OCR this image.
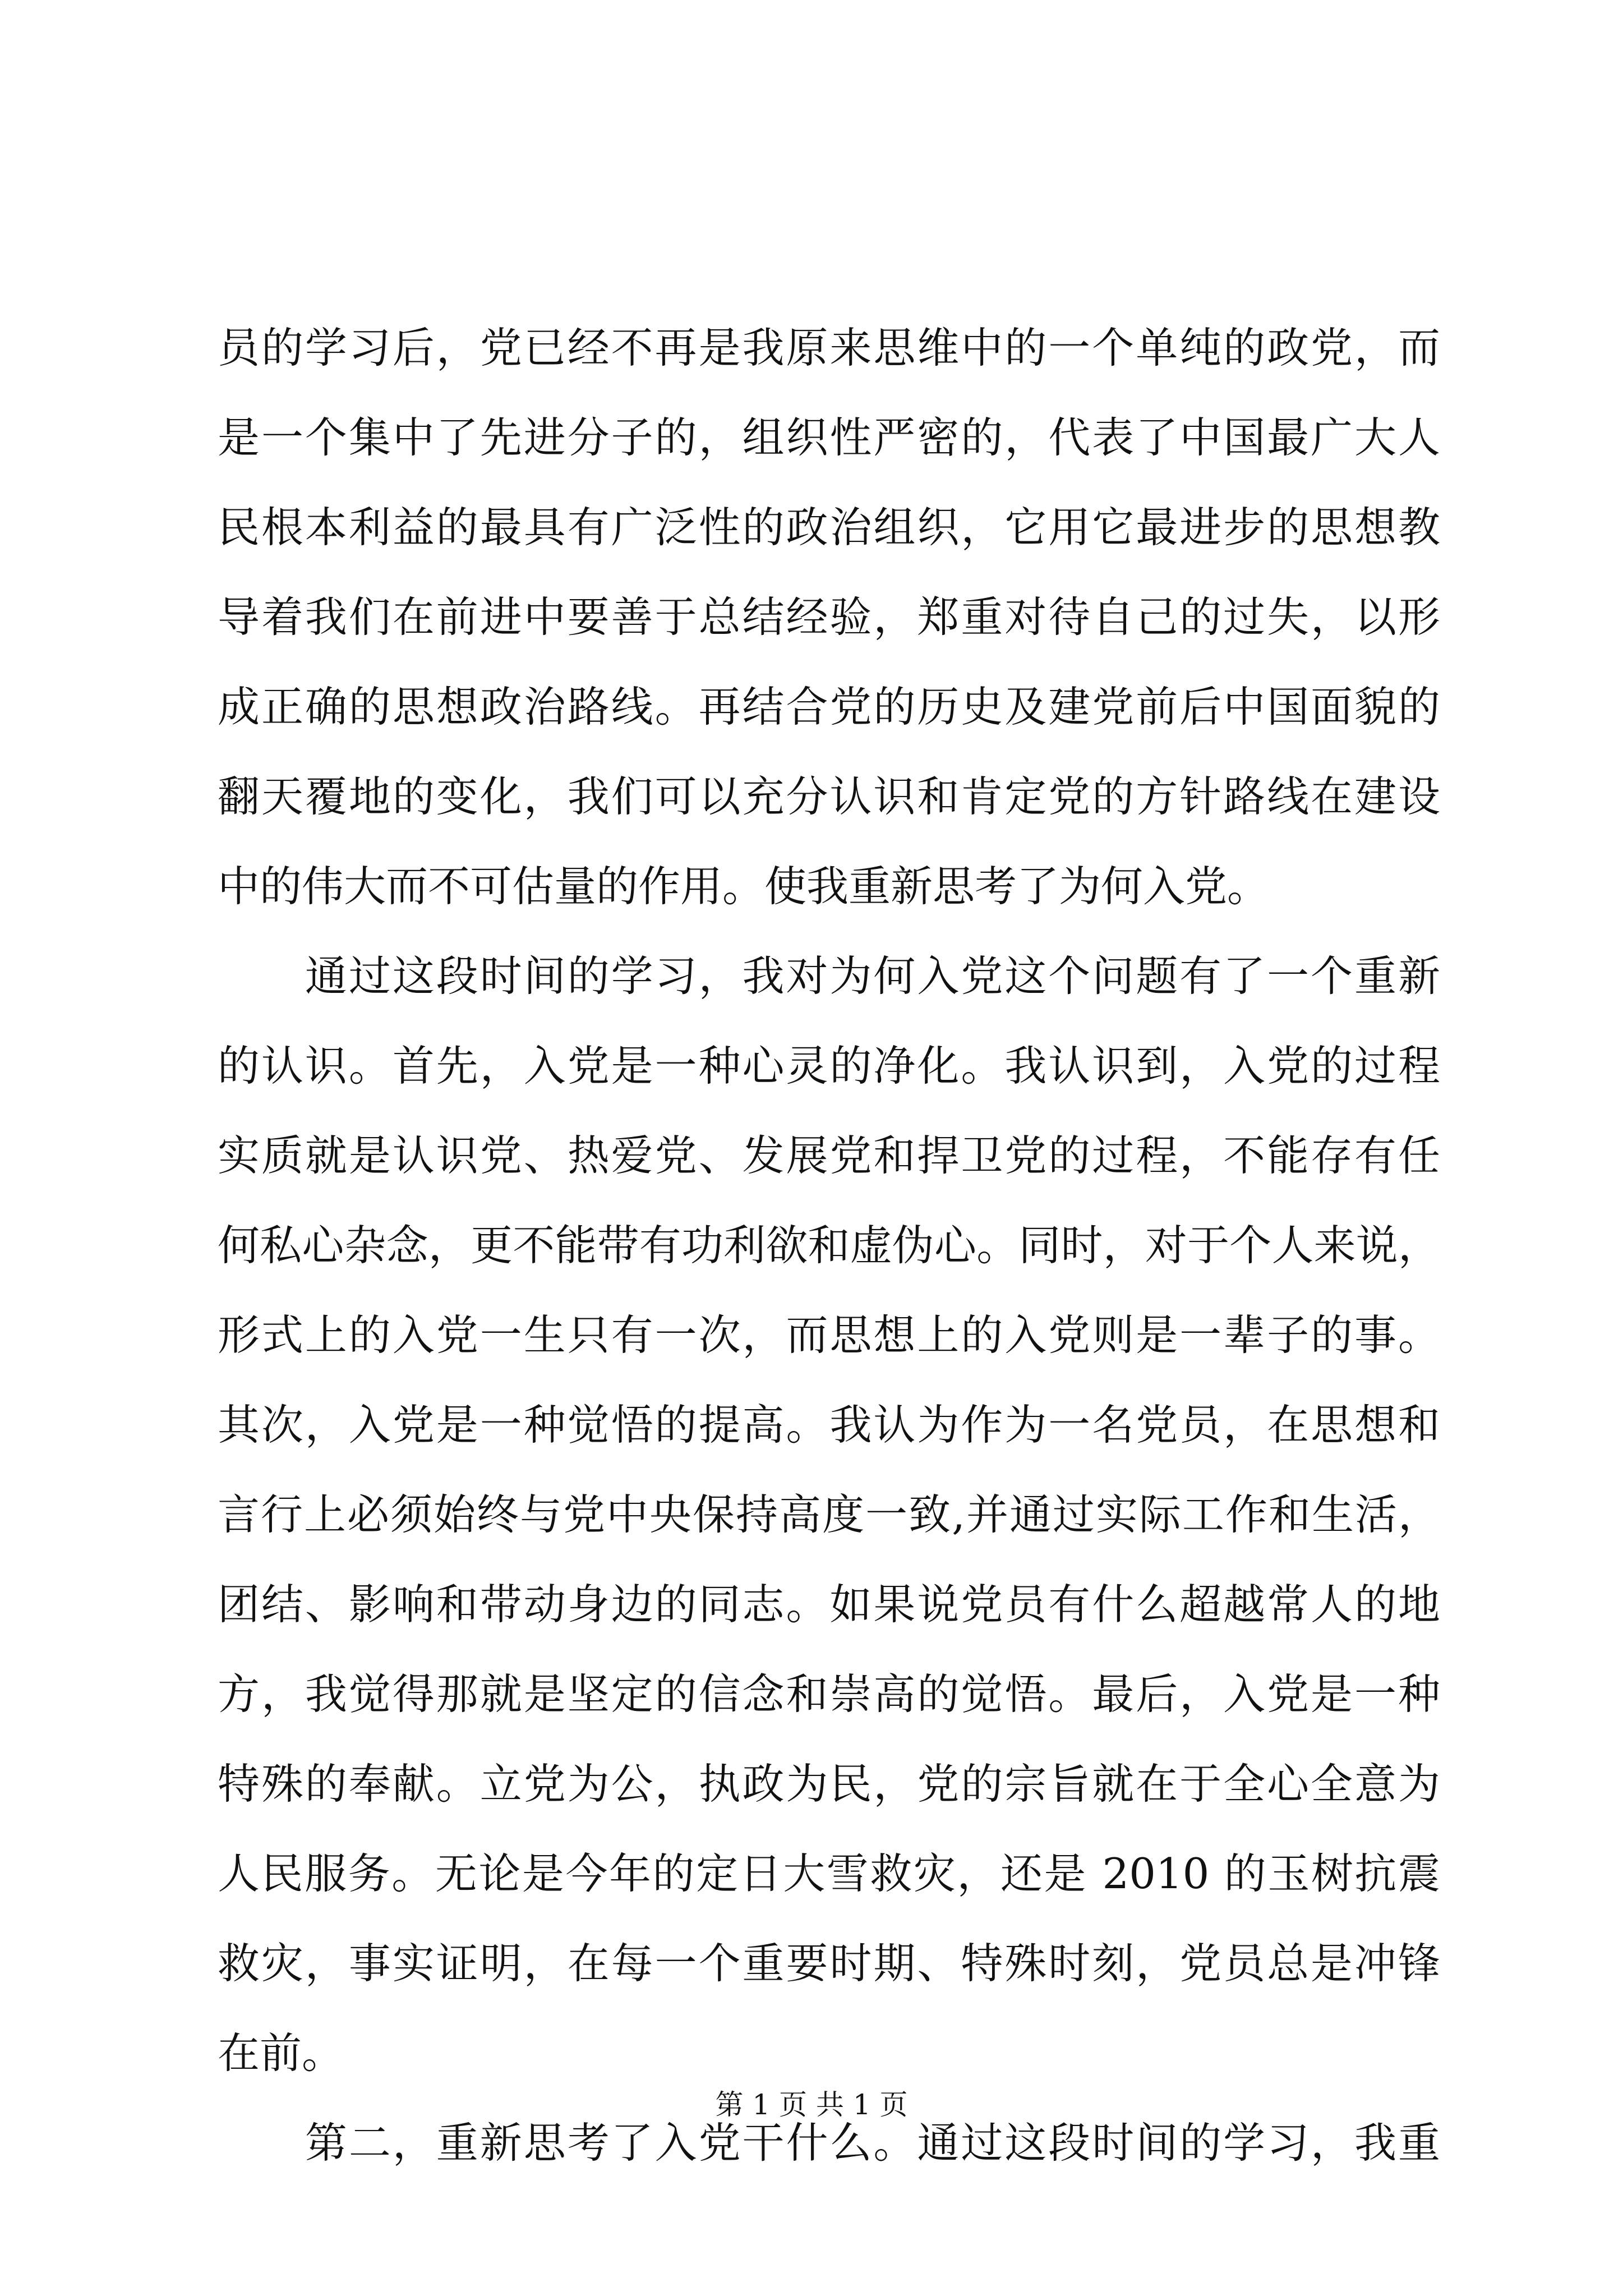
员的学习后，党已经不再是我原来思维中的一个单纯的政党，而
是一个集中了先进分子的，组织性严密的，代表了中国最广大人
民根本利益的最具有广泛性的政治组织，它用它最进步的思想教
导着我们在前进中要善于总结经验，郑重对待自己的过失，以形
成正确的思想政治路线。再结合党的历史及建党前后中国面貌的
翻天覆地的变化，我们可以充分认识和肯定党的方针路线在建设
中的伟大而不可估量的作用。使我重新思考了为何入党。
　　通过这段时间的学习，我对为何入党这个问题有了一个重新
的认识。首先，入党是一种心灵的净化。我认识到，入党的过程
实质就是认识党、热爱党、发展党和捍卫党的过程，不能存有任
何私心杂念，更不能带有功利欲和虚伪心。同时，对于个人来说，
形式上的入党一生只有一次，而思想上的入党则是一辈子的事。
其次，入党是一种觉悟的提高。我认为作为一名党员，在思想和
言行上必须始终与党中央保持高度一致,并通过实际工作和生活，
团结、影响和带动身边的同志。如果说党员有什么超越常人的地
方，我觉得那就是坚定的信念和崇高的觉悟。最后，入党是一种
特殊的奉献。立党为公，执政为民，党的宗旨就在于全心全意为
人民服务。无论是今年的定日大雪救灾，还是 2010 的玉树抗震
救灾，事实证明，在每一个重要时期、特殊时刻，党员总是冲锋
在前。
　　第二，重新思考了入党干什么。通过这段时间的学习，我重
第 1 页 共 1 页
